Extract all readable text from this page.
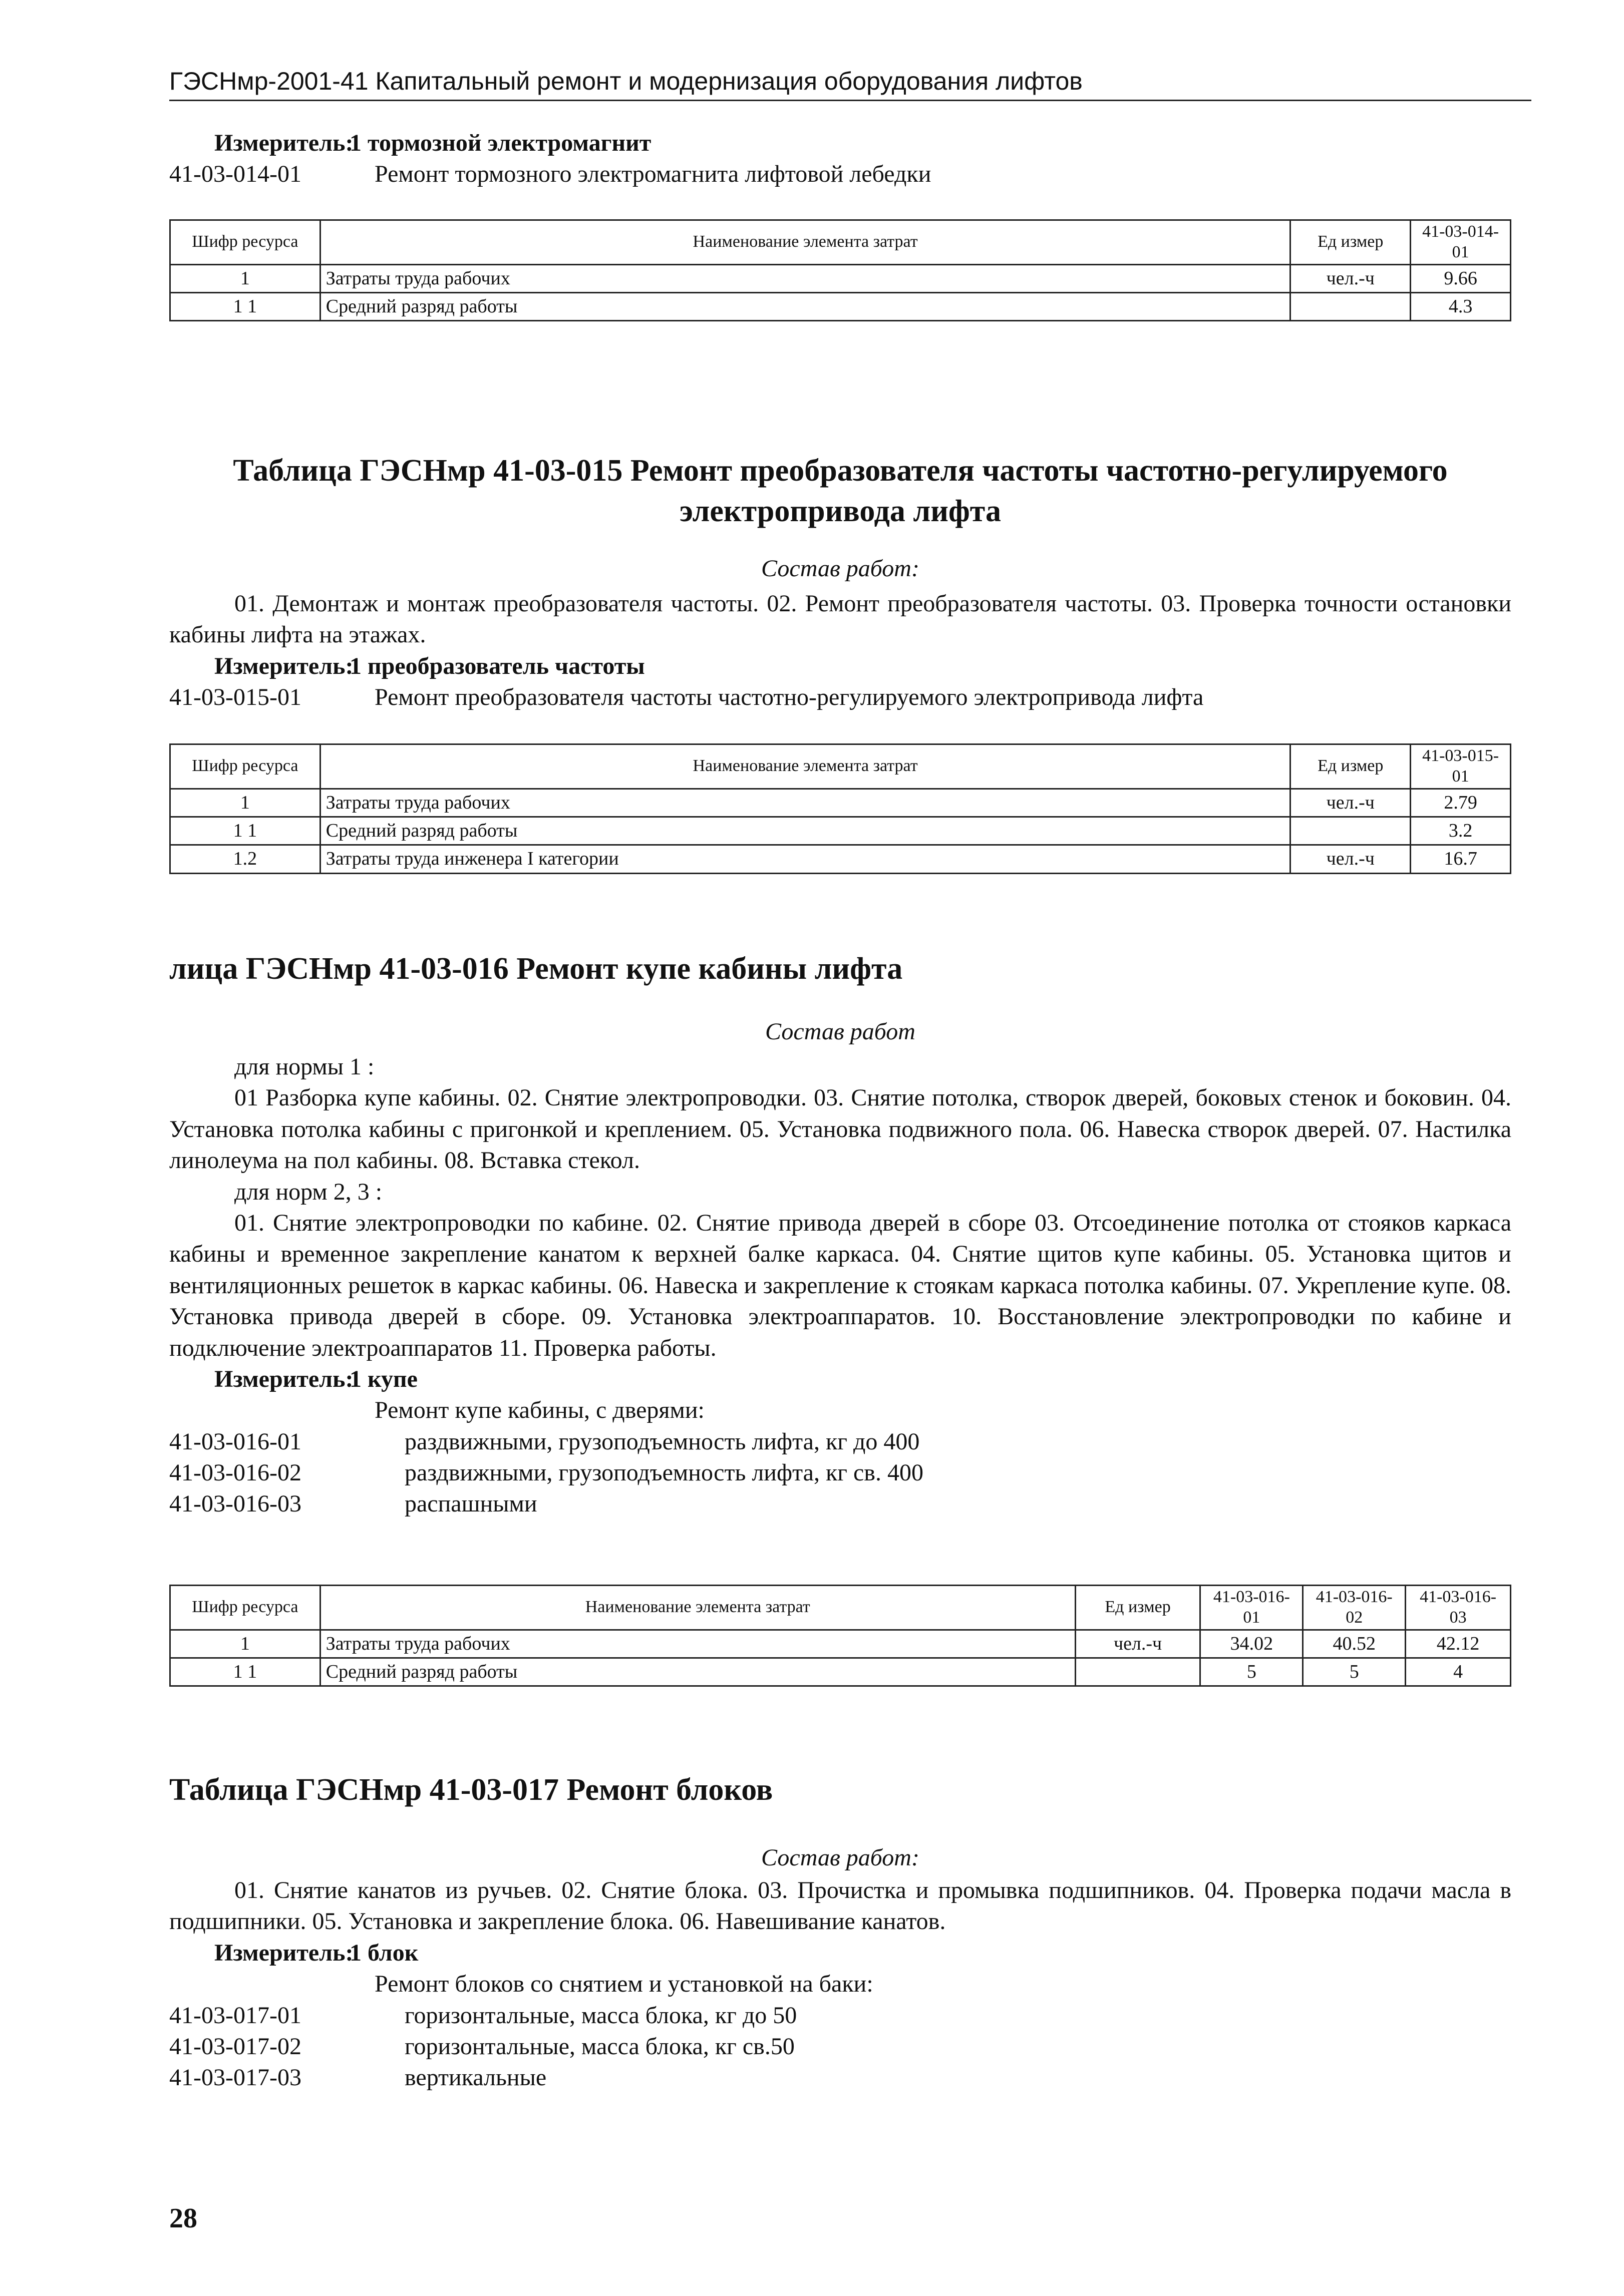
ГЭСНмр-2001-41 Капитальный ремонт и модернизация оборудования лифтов
Измеритель:1 тормозной электромагнит
41-03-014-01	Ремонт тормозного электромагнита лифтовой лебедки
Шифр ресурса	Наименование элемента затрат	Ед измер	41-03-014-01
1	Затраты труда рабочих	чел.-ч	9.66
1 1	Средний разряд работы		4.3
Таблица ГЭСНмр 41-03-015 Ремонт преобразователя частоты частотно-регулируемого
электропривода лифта
Состав работ:
01. Демонтаж и монтаж преобразователя частоты. 02. Ремонт преобразователя частоты. 03. Проверка точности остановки кабины лифта на этажах.
Измеритель:1 преобразователь частоты
41-03-015-01	Ремонт преобразователя частоты частотно-регулируемого электропривода лифта
Шифр ресурса	Наименование элемента затрат	Ед измер	41-03-015-01
1	Затраты труда рабочих	чел.-ч	2.79
1 1	Средний разряд работы		3.2
1.2	Затраты труда инженера I категории	чел.-ч	16.7
лица ГЭСНмр 41-03-016 Ремонт купе кабины лифта
Состав работ
для нормы 1 :
01 Разборка купе кабины. 02. Снятие электропроводки. 03. Снятие потолка, створок дверей, боковых стенок и боковин. 04. Установка потолка кабины с пригонкой и креплением. 05. Установка подвижного пола. 06. Навеска створок дверей. 07. Настилка линолеума на пол кабины. 08. Вставка стекол.
для норм 2, 3 :
01. Снятие электропроводки по кабине. 02. Снятие привода дверей в сборе 03. Отсоединение потолка от стояков каркаса кабины и временное закрепление канатом к верхней балке каркаса. 04. Снятие щитов купе кабины. 05. Установка щитов и вентиляционных решеток в каркас кабины. 06. Навеска и закрепление к стоякам каркаса потолка кабины. 07. Укрепление купе. 08. Установка привода дверей в сборе. 09. Установка электроаппаратов. 10. Восстановление электропроводки по кабине и подключение электроаппаратов 11. Проверка работы.
Измеритель:1 купе
Ремонт купе кабины, с дверями:
41-03-016-01	раздвижными, грузоподъемность лифта, кг до 400
41-03-016-02	раздвижными, грузоподъемность лифта, кг св. 400
41-03-016-03	распашными
Шифр ресурса	Наименование элемента затрат	Ед измер	41-03-016-01	41-03-016-02	41-03-016-03
1	Затраты труда рабочих	чел.-ч	34.02	40.52	42.12
1 1	Средний разряд работы		5	5	4
Таблица ГЭСНмр 41-03-017 Ремонт блоков
Состав работ:
01. Снятие канатов из ручьев. 02. Снятие блока. 03. Прочистка и промывка подшипников. 04. Проверка подачи масла в подшипники. 05. Установка и закрепление блока. 06. Навешивание канатов.
Измеритель:1 блок
Ремонт блоков со снятием и установкой на баки:
41-03-017-01	горизонтальные, масса блока, кг до 50
41-03-017-02	горизонтальные, масса блока, кг св.50
41-03-017-03	вертикальные
28
